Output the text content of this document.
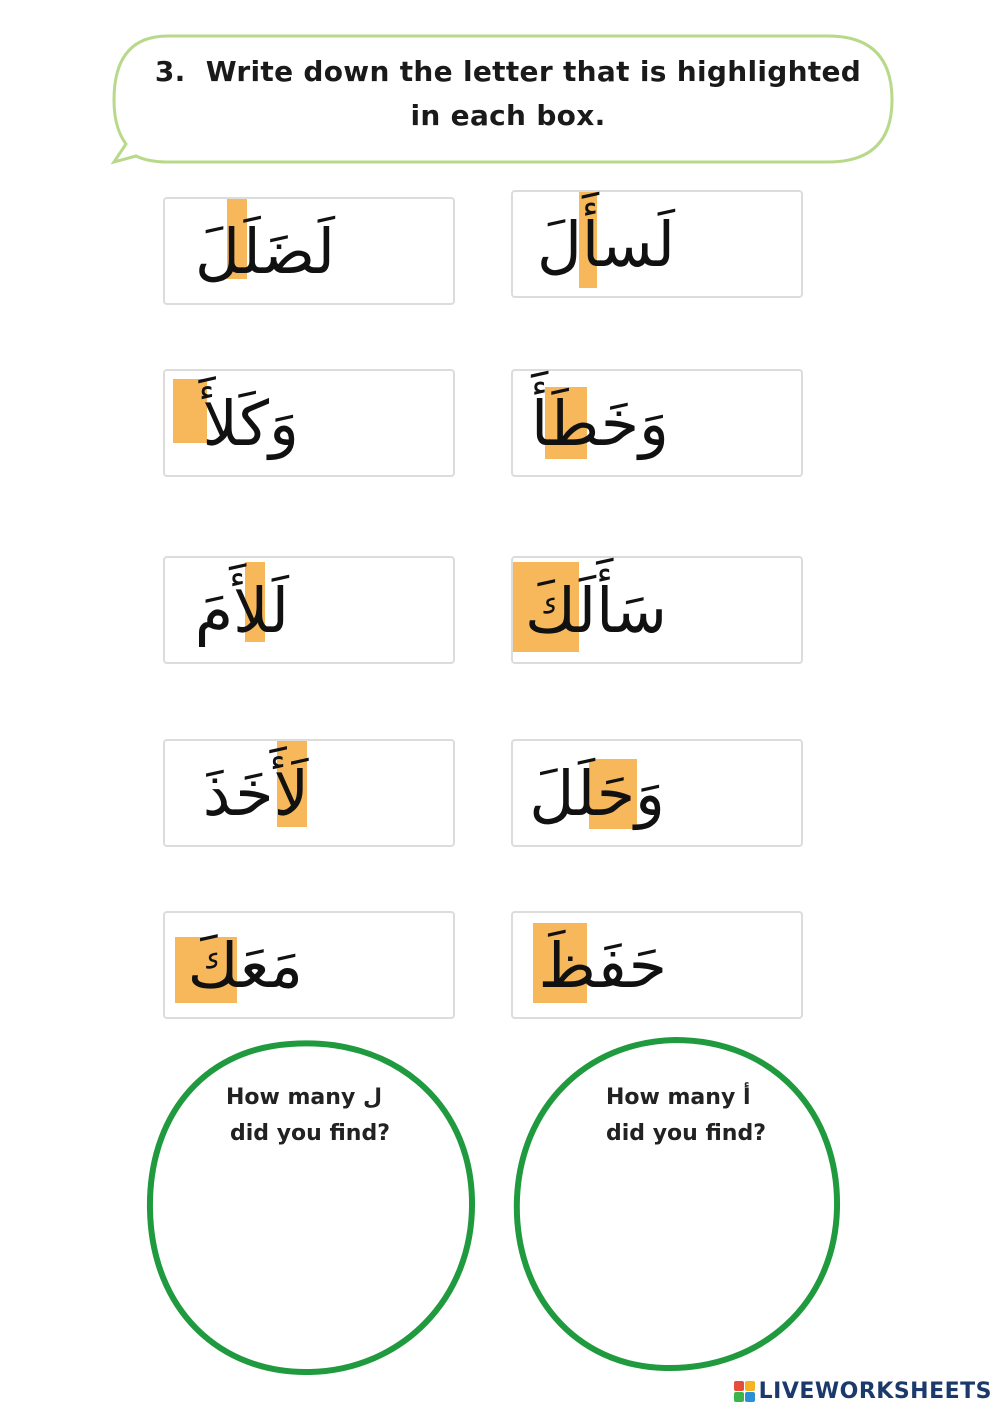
3. Write down the letter that is highlighted
in each box.
لَضَلَلَ	لَسأَلَ
وَكَلأَ	وَخَطَأَ
لَلأَمَ	سَأَلَكَ
لَأَخَذَ	وَحَلَلَ
مَعَكَ	حَفَظَ
How many ل
did you find?
How many أ
did you find?
LIVEWORKSHEETS
